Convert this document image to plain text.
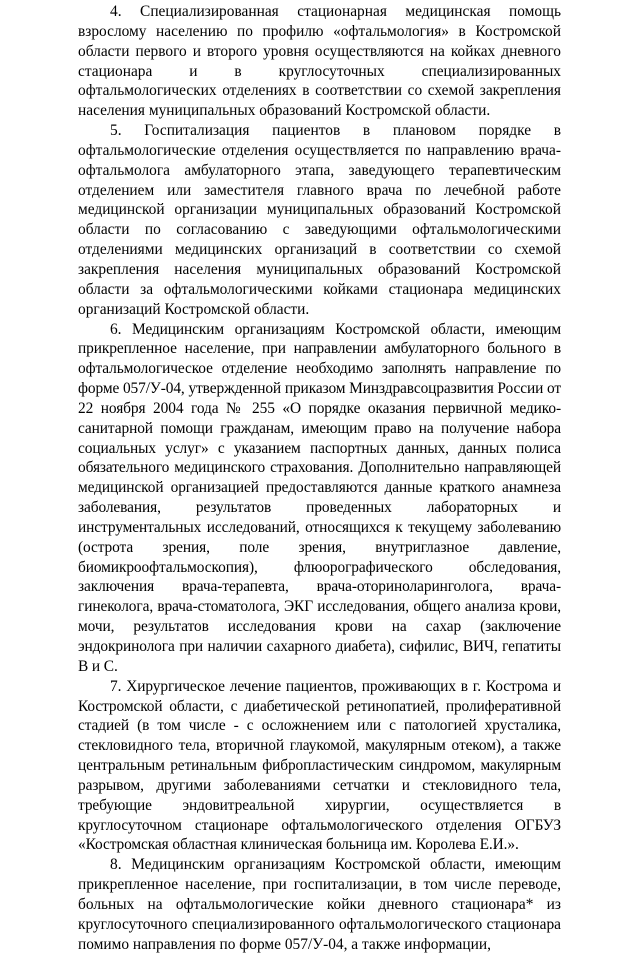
4. Специализированная стационарная медицинская помощь взрослому населению по профилю «офтальмология» в Костромской области первого и второго уровня осуществляются на койках дневного стационара и в круглосуточных специализированных офтальмологических отделениях в соответствии со схемой закрепления населения муниципальных образований Костромской области.

5. Госпитализация пациентов в плановом порядке в офтальмологические отделения осуществляется по направлению врача-офтальмолога амбулаторного этапа, заведующего терапевтическим отделением или заместителя главного врача по лечебной работе медицинской организации муниципальных образований Костромской области по согласованию с заведующими офтальмологическими отделениями медицинских организаций в соответствии со схемой закрепления населения муниципальных образований Костромской области за офтальмологическими койками стационара медицинских организаций Костромской области.

6. Медицинским организациям Костромской области, имеющим прикрепленное население, при направлении амбулаторного больного в офтальмологическое отделение необходимо заполнять направление по форме 057/У-04, утвержденной приказом Минздравсоцразвития России от 22 ноября 2004 года № 255 «О порядке оказания первичной медико-санитарной помощи гражданам, имеющим право на получение набора социальных услуг» с указанием паспортных данных, данных полиса обязательного медицинского страхования. Дополнительно направляющей медицинской организацией предоставляются данные краткого анамнеза заболевания, результатов проведенных лабораторных и инструментальных исследований, относящихся к текущему заболеванию (острота зрения, поле зрения, внутриглазное давление, биомикроофтальмоскопия), флюорографического обследования, заключения врача-терапевта, врача-оториноларинголога, врача-гинеколога, врача-стоматолога, ЭКГ исследования, общего анализа крови, мочи, результатов исследования крови на сахар (заключение эндокринолога при наличии сахарного диабета), сифилис, ВИЧ, гепатиты В и С.

7. Хирургическое лечение пациентов, проживающих в г. Кострома и Костромской области, с диабетической ретинопатией, пролиферативной стадией (в том числе - с осложнением или с патологией хрусталика, стекловидного тела, вторичной глаукомой, макулярным отеком), а также центральным ретинальным фибропластическим синдромом, макулярным разрывом, другими заболеваниями сетчатки и стекловидного тела, требующие эндовитреальной хирургии, осуществляется в круглосуточном стационаре офтальмологического отделения ОГБУЗ «Костромская областная клиническая больница им. Королева Е.И.».

8. Медицинским организациям Костромской области, имеющим прикрепленное население, при госпитализации, в том числе переводе, больных на офтальмологические койки дневного стационара* из круглосуточного специализированного офтальмологического стационара помимо направления по форме 057/У-04, а также информации,
